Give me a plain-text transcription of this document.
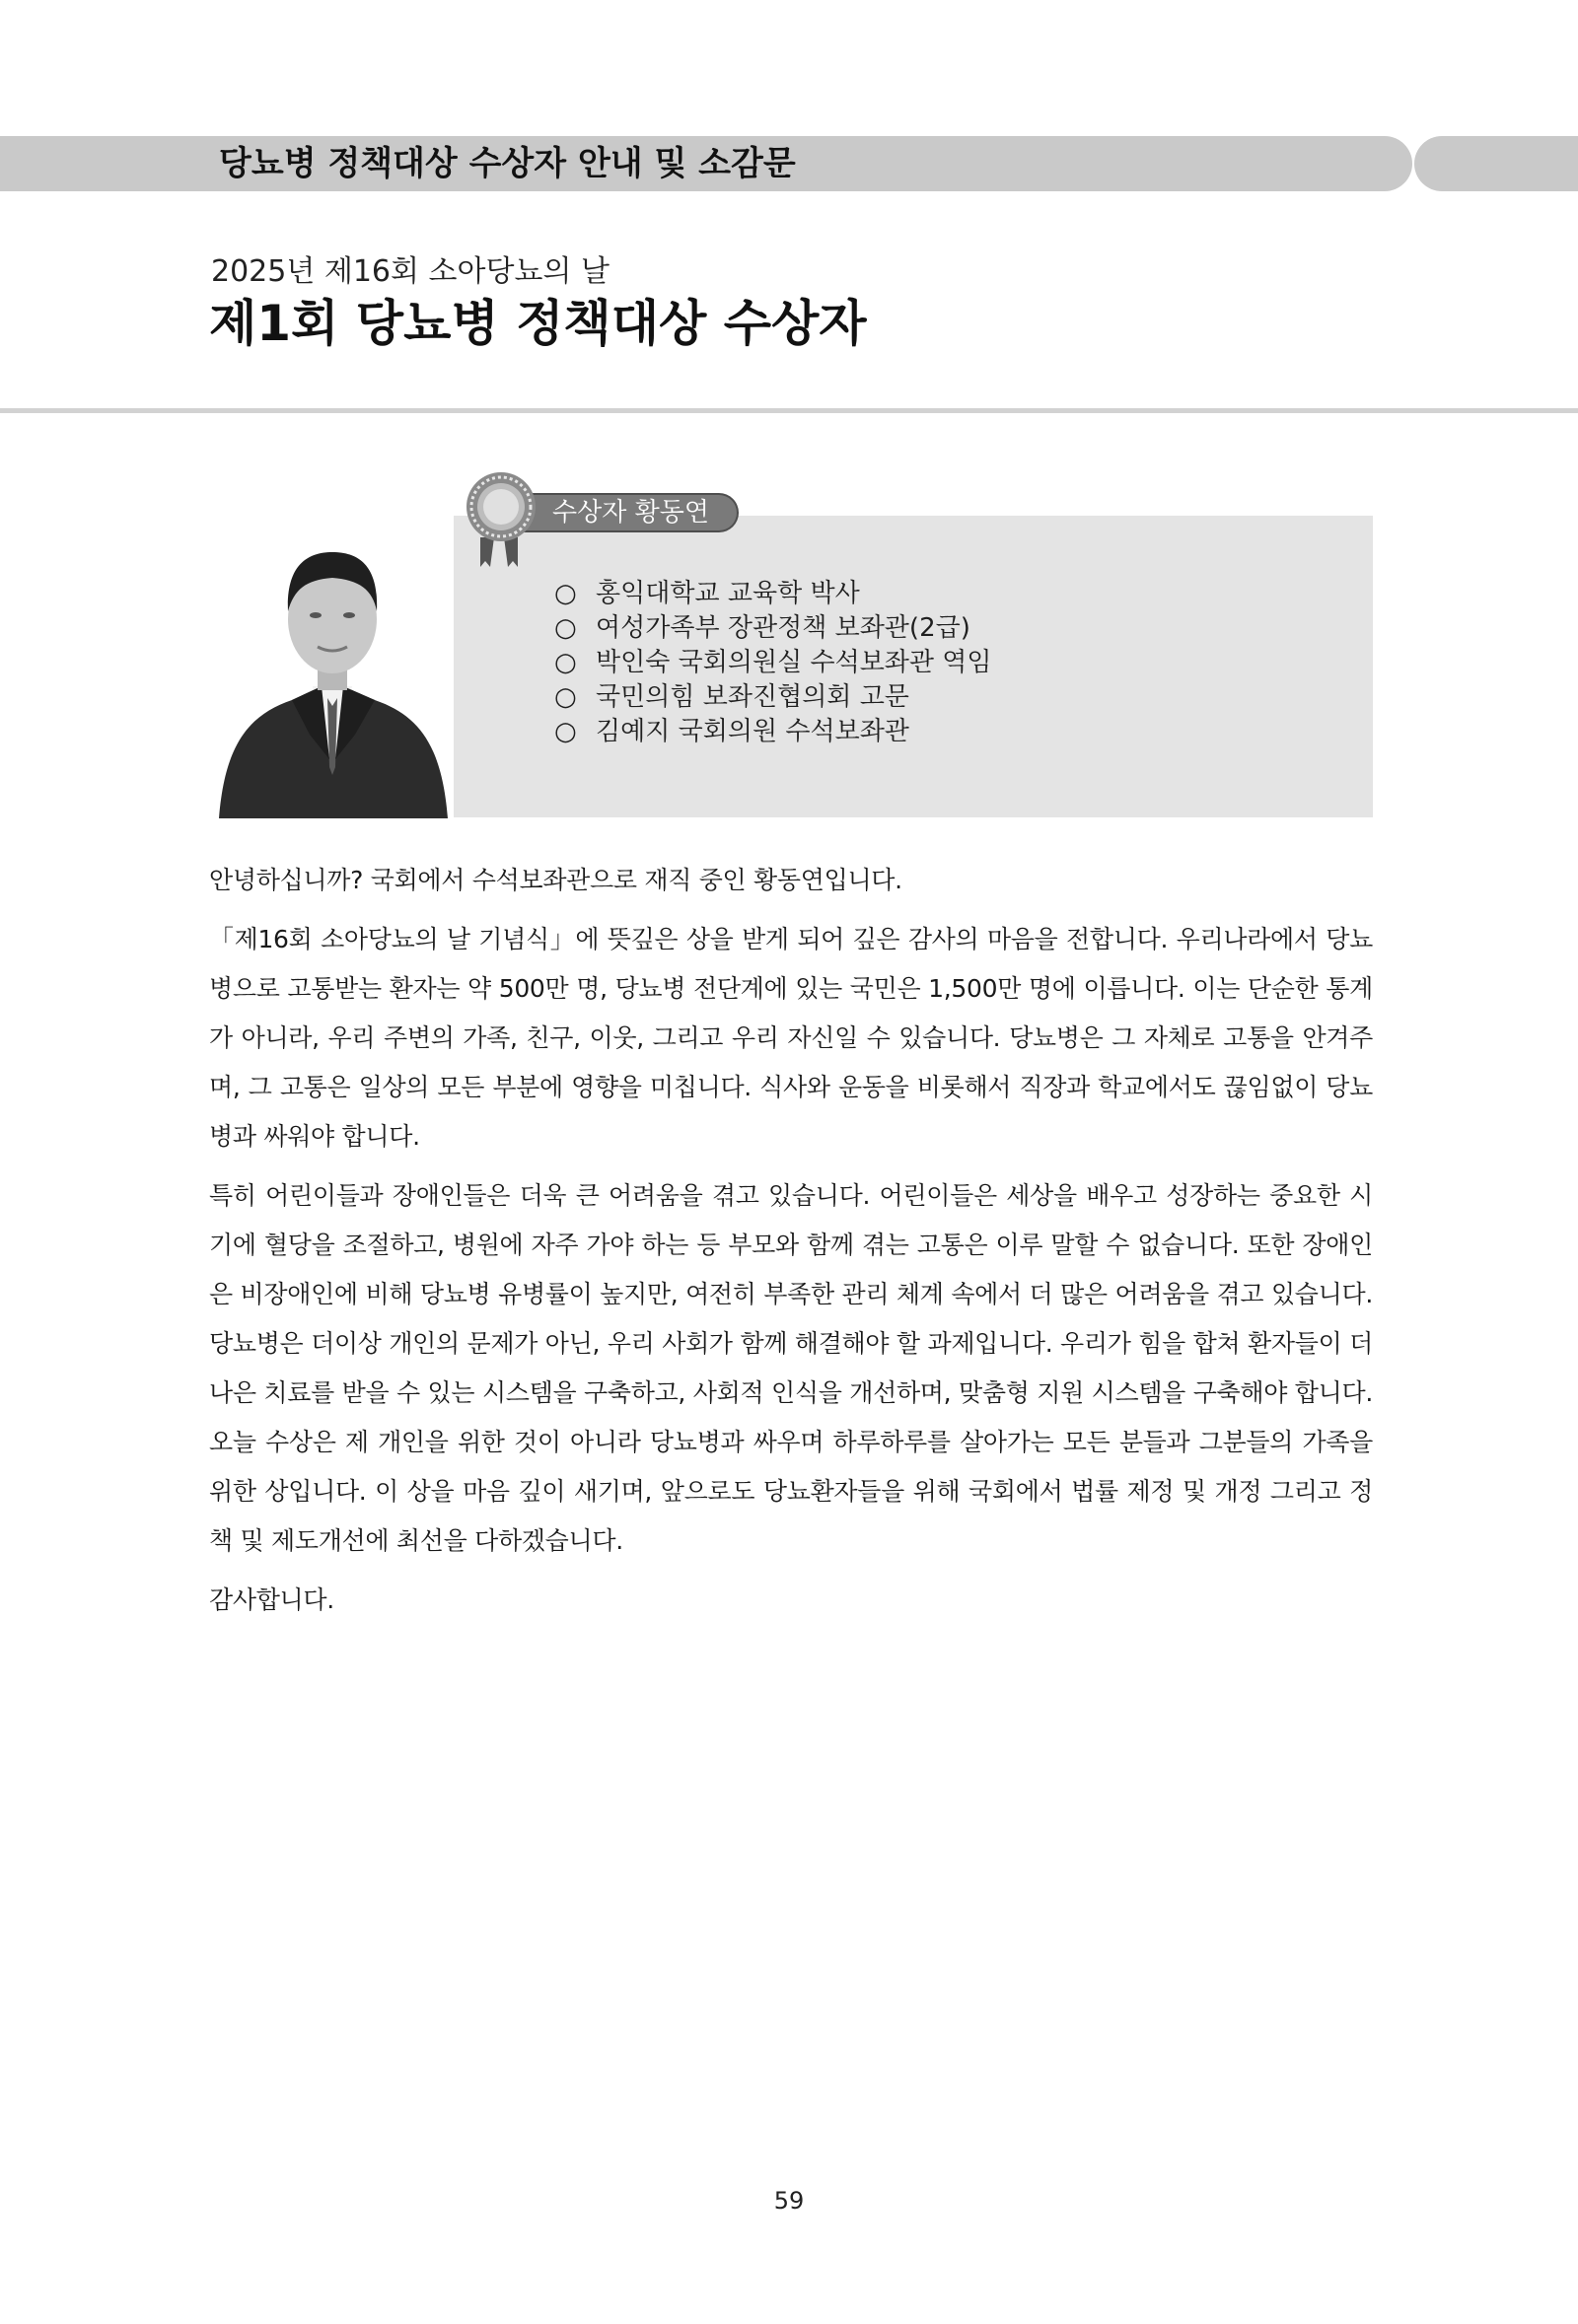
당뇨병 정책대상 수상자 안내 및 소감문

2025년 제16회 소아당뇨의 날

제1회 당뇨병 정책대상 수상자
수상자 황동연
○ 홍익대학교 교육학 박사
○ 여성가족부 장관정책 보좌관(2급)
○ 박인숙 국회의원실 수석보좌관 역임
○ 국민의힘 보좌진협의회 고문
○ 김예지 국회의원 수석보좌관

안녕하십니까? 국회에서 수석보좌관으로 재직 중인 황동연입니다.

「제16회 소아당뇨의 날 기념식」에 뜻깊은 상을 받게 되어 깊은 감사의 마음을 전합니다. 우리나라에서 당뇨병으로 고통받는 환자는 약 500만 명, 당뇨병 전단계에 있는 국민은 1,500만 명에 이릅니다. 이는 단순한 통계가 아니라, 우리 주변의 가족, 친구, 이웃, 그리고 우리 자신일 수 있습니다. 당뇨병은 그 자체로 고통을 안겨주며, 그 고통은 일상의 모든 부분에 영향을 미칩니다. 식사와 운동을 비롯해서 직장과 학교에서도 끊임없이 당뇨병과 싸워야 합니다.

특히 어린이들과 장애인들은 더욱 큰 어려움을 겪고 있습니다. 어린이들은 세상을 배우고 성장하는 중요한 시기에 혈당을 조절하고, 병원에 자주 가야 하는 등 부모와 함께 겪는 고통은 이루 말할 수 없습니다. 또한 장애인은 비장애인에 비해 당뇨병 유병률이 높지만, 여전히 부족한 관리 체계 속에서 더 많은 어려움을 겪고 있습니다. 당뇨병은 더이상 개인의 문제가 아닌, 우리 사회가 함께 해결해야 할 과제입니다. 우리가 힘을 합쳐 환자들이 더 나은 치료를 받을 수 있는 시스템을 구축하고, 사회적 인식을 개선하며, 맞춤형 지원 시스템을 구축해야 합니다. 오늘 수상은 제 개인을 위한 것이 아니라 당뇨병과 싸우며 하루하루를 살아가는 모든 분들과 그분들의 가족을 위한 상입니다. 이 상을 마음 깊이 새기며, 앞으로도 당뇨환자들을 위해 국회에서 법률 제정 및 개정 그리고 정책 및 제도개선에 최선을 다하겠습니다.

감사합니다.

59
